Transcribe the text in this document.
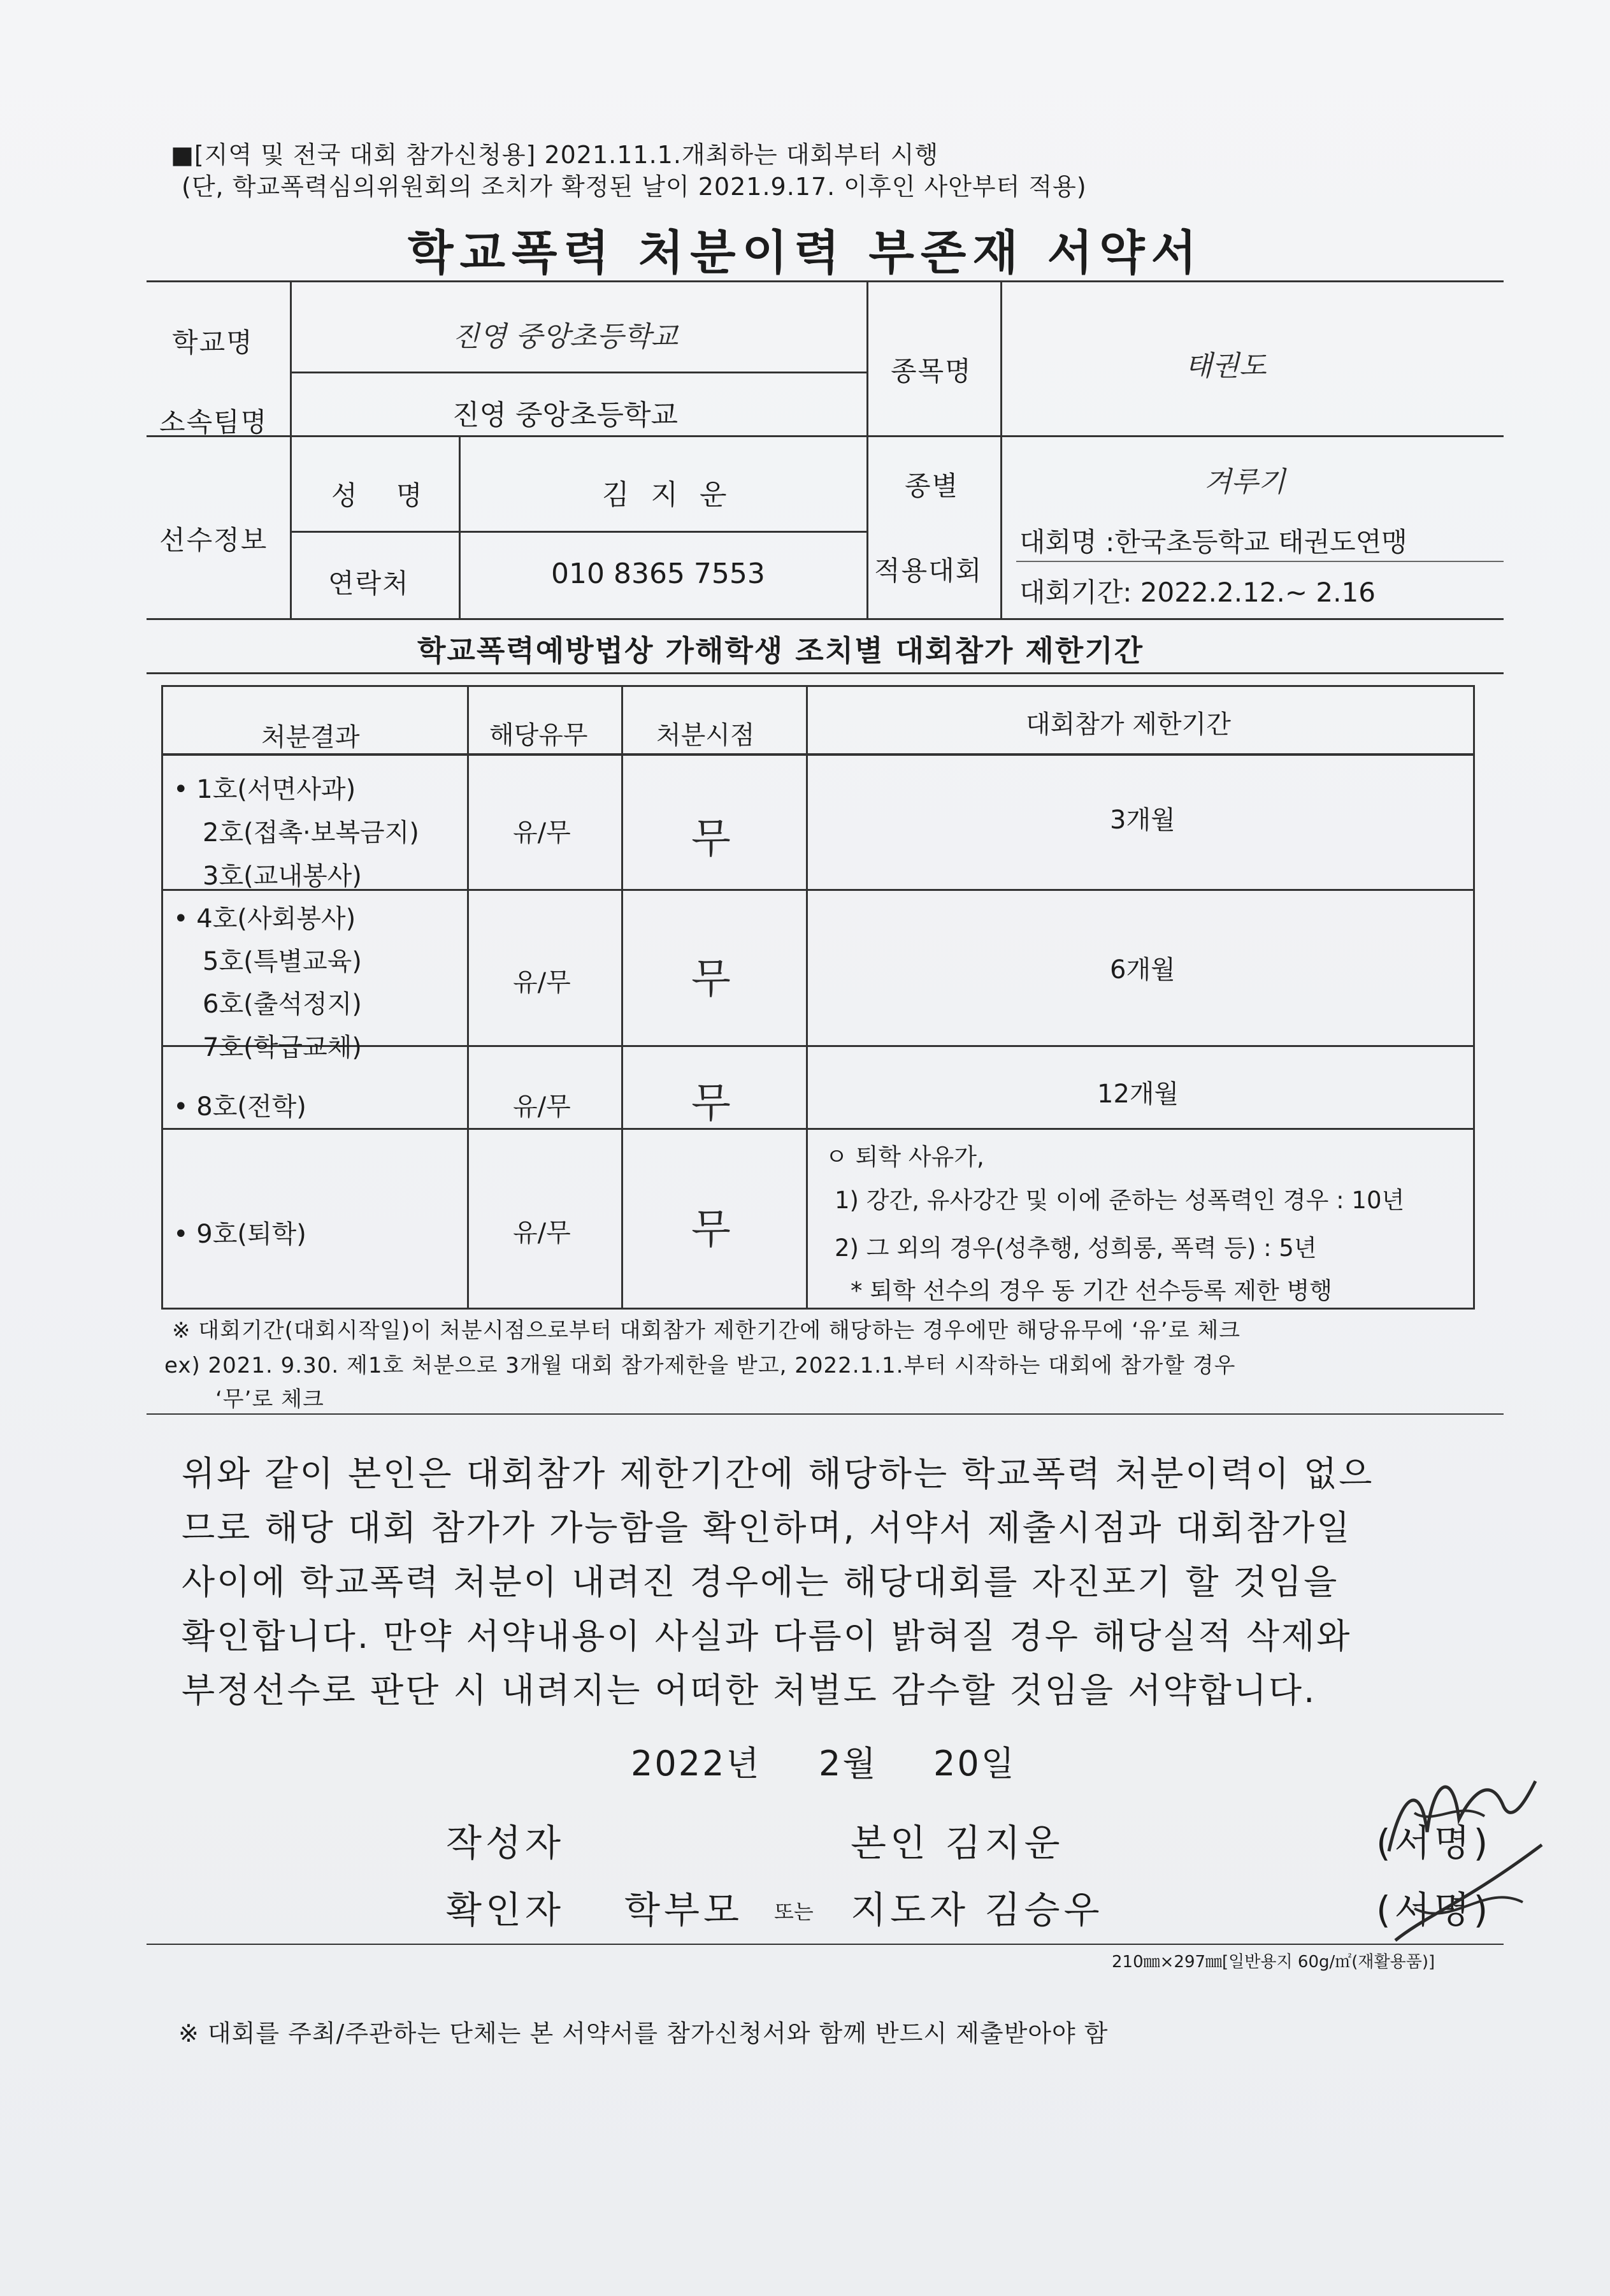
■[지역 및 전국 대회 참가신청용] 2021.11.1.개최하는 대회부터 시행
(단, 학교폭력심의위원회의 조치가 확정된 날이 2021.9.17. 이후인 사안부터 적용)
학교폭력 처분이력 부존재 서약서
학교명	진영 중앙초등학교
소속팀명	진영 중앙초등학교
종목명	태권도
선수정보
성 명	김 지 운	종별	겨루기
연락처	010 8365 7553	적용대회
대회명 :한국초등학교 태권도연맹
대회기간: 2022.2.12.~ 2.16
학교폭력예방법상 가해학생 조치별 대회참가 제한기간
처분결과	해당유무	처분시점	대회참가 제한기간
• 1호(서면사과)
2호(접촉·보복금지)
3호(교내봉사)
유/무	무	3개월
• 4호(사회봉사)
5호(특별교육)
6호(출석정지)
7호(학급교체)
유/무	무	6개월
• 8호(전학)	유/무	무	12개월
• 9호(퇴학)	유/무	무
ㅇ 퇴학 사유가,
1) 강간, 유사강간 및 이에 준하는 성폭력인 경우 : 10년
2) 그 외의 경우(성추행, 성희롱, 폭력 등) : 5년
* 퇴학 선수의 경우 동 기간 선수등록 제한 병행
※ 대회기간(대회시작일)이 처분시점으로부터 대회참가 제한기간에 해당하는 경우에만 해당유무에 ‘유’로 체크
ex) 2021. 9.30. 제1호 처분으로 3개월 대회 참가제한을 받고, 2022.1.1.부터 시작하는 대회에 참가할 경우
‘무’로 체크
위와 같이 본인은 대회참가 제한기간에 해당하는 학교폭력 처분이력이 없으
므로 해당 대회 참가가 가능함을 확인하며, 서약서 제출시점과 대회참가일
사이에 학교폭력 처분이 내려진 경우에는 해당대회를 자진포기 할 것임을
확인합니다. 만약 서약내용이 사실과 다름이 밝혀질 경우 해당실적 삭제와
부정선수로 판단 시 내려지는 어떠한 처벌도 감수할 것임을 서약합니다.
2022년 2월 20일
작성자	본인 김지운	(서명)
확인자 학부모 또는 지도자 김승우	(서명)
210㎜×297㎜[일반용지 60g/㎡(재활용품)]
※ 대회를 주최/주관하는 단체는 본 서약서를 참가신청서와 함께 반드시 제출받아야 함
